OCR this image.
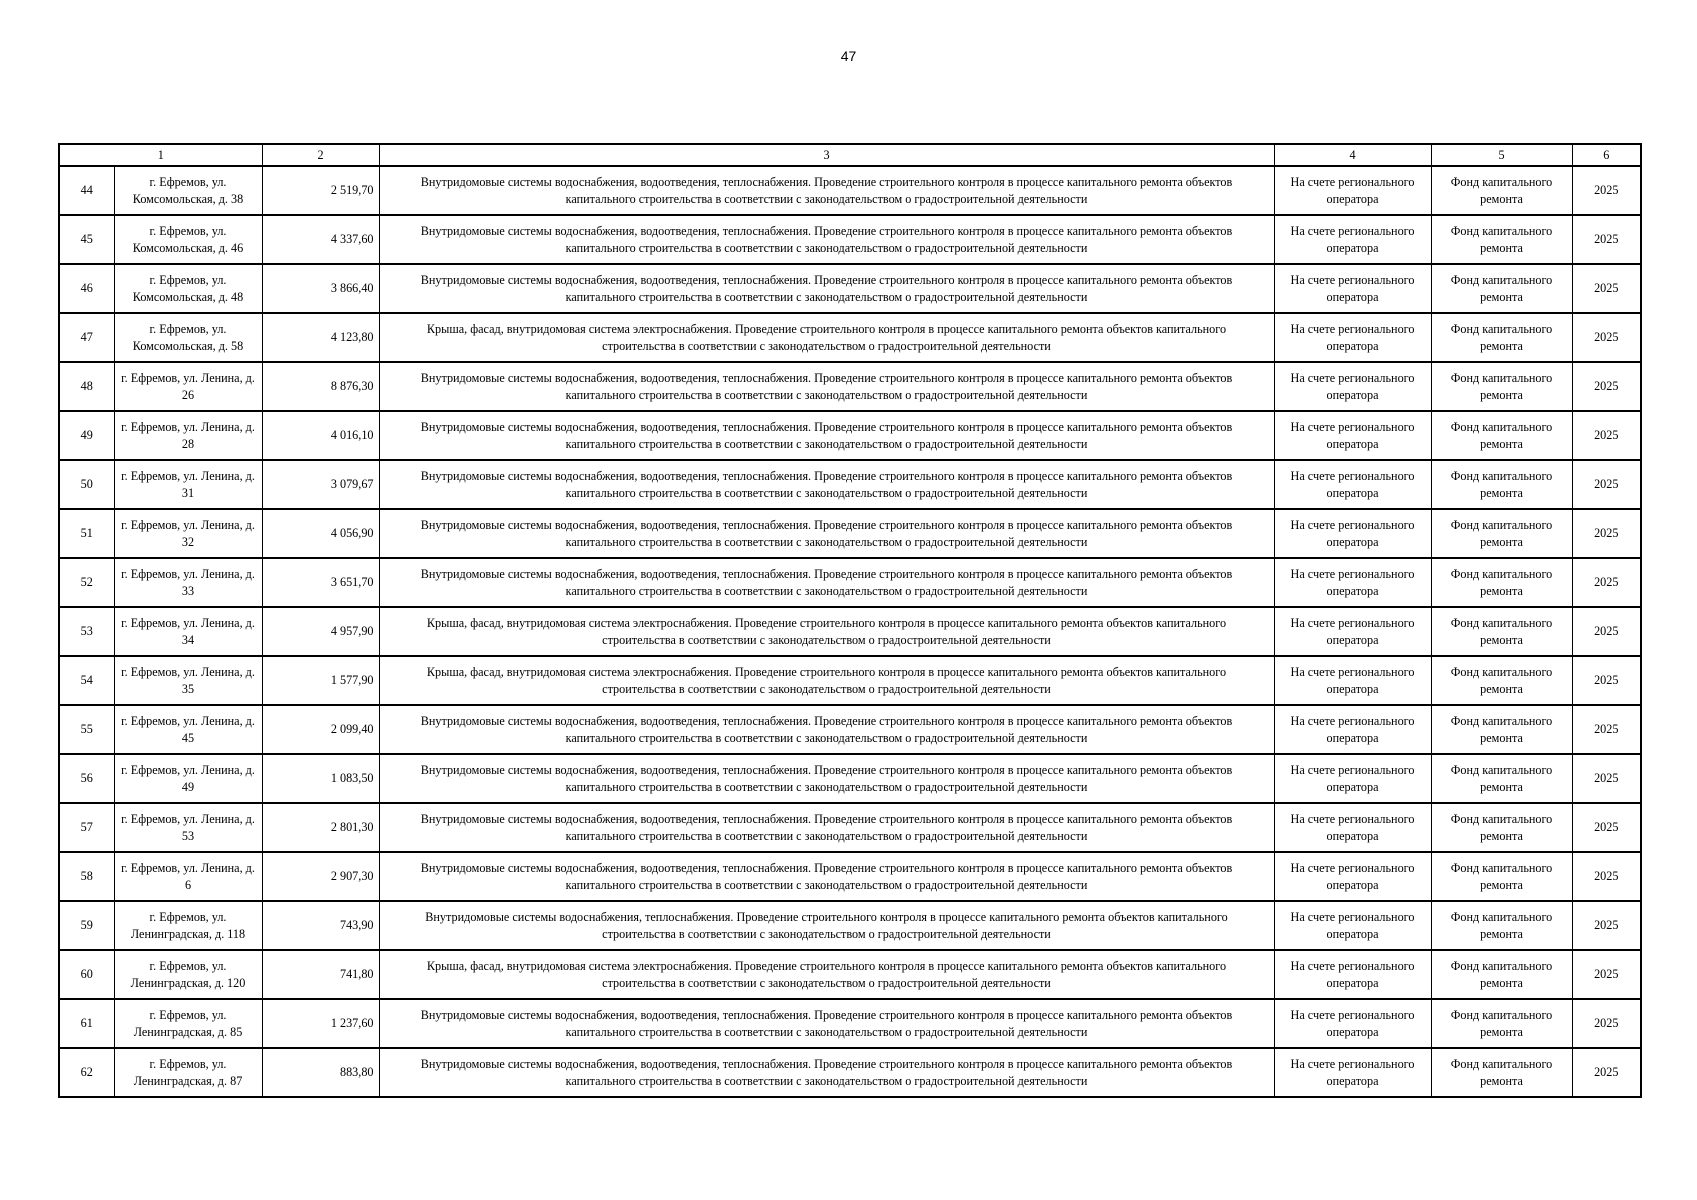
47
1		2	3	4	5	6
44	г. Ефремов, ул. Комсомольская, д. 38	2 519,70	Внутридомовые системы водоснабжения, водоотведения, теплоснабжения. Проведение строительного контроля в процессе капитального ремонта объектов капитального строительства в соответствии с законодательством о градостроительной деятельности	На счете регионального оператора	Фонд капитального ремонта	2025
45	г. Ефремов, ул. Комсомольская, д. 46	4 337,60	Внутридомовые системы водоснабжения, водоотведения, теплоснабжения. Проведение строительного контроля в процессе капитального ремонта объектов капитального строительства в соответствии с законодательством о градостроительной деятельности	На счете регионального оператора	Фонд капитального ремонта	2025
46	г. Ефремов, ул. Комсомольская, д. 48	3 866,40	Внутридомовые системы водоснабжения, водоотведения, теплоснабжения. Проведение строительного контроля в процессе капитального ремонта объектов капитального строительства в соответствии с законодательством о градостроительной деятельности	На счете регионального оператора	Фонд капитального ремонта	2025
47	г. Ефремов, ул. Комсомольская, д. 58	4 123,80	Крыша, фасад, внутридомовая система электроснабжения. Проведение строительного контроля в процессе капитального ремонта объектов капитального строительства в соответствии с законодательством о градостроительной деятельности	На счете регионального оператора	Фонд капитального ремонта	2025
48	г. Ефремов, ул. Ленина, д. 26	8 876,30	Внутридомовые системы водоснабжения, водоотведения, теплоснабжения. Проведение строительного контроля в процессе капитального ремонта объектов капитального строительства в соответствии с законодательством о градостроительной деятельности	На счете регионального оператора	Фонд капитального ремонта	2025
49	г. Ефремов, ул. Ленина, д. 28	4 016,10	Внутридомовые системы водоснабжения, водоотведения, теплоснабжения. Проведение строительного контроля в процессе капитального ремонта объектов капитального строительства в соответствии с законодательством о градостроительной деятельности	На счете регионального оператора	Фонд капитального ремонта	2025
50	г. Ефремов, ул. Ленина, д. 31	3 079,67	Внутридомовые системы водоснабжения, водоотведения, теплоснабжения. Проведение строительного контроля в процессе капитального ремонта объектов капитального строительства в соответствии с законодательством о градостроительной деятельности	На счете регионального оператора	Фонд капитального ремонта	2025
51	г. Ефремов, ул. Ленина, д. 32	4 056,90	Внутридомовые системы водоснабжения, водоотведения, теплоснабжения. Проведение строительного контроля в процессе капитального ремонта объектов капитального строительства в соответствии с законодательством о градостроительной деятельности	На счете регионального оператора	Фонд капитального ремонта	2025
52	г. Ефремов, ул. Ленина, д. 33	3 651,70	Внутридомовые системы водоснабжения, водоотведения, теплоснабжения. Проведение строительного контроля в процессе капитального ремонта объектов капитального строительства в соответствии с законодательством о градостроительной деятельности	На счете регионального оператора	Фонд капитального ремонта	2025
53	г. Ефремов, ул. Ленина, д. 34	4 957,90	Крыша, фасад, внутридомовая система электроснабжения. Проведение строительного контроля в процессе капитального ремонта объектов капитального строительства в соответствии с законодательством о градостроительной деятельности	На счете регионального оператора	Фонд капитального ремонта	2025
54	г. Ефремов, ул. Ленина, д. 35	1 577,90	Крыша, фасад, внутридомовая система электроснабжения. Проведение строительного контроля в процессе капитального ремонта объектов капитального строительства в соответствии с законодательством о градостроительной деятельности	На счете регионального оператора	Фонд капитального ремонта	2025
55	г. Ефремов, ул. Ленина, д. 45	2 099,40	Внутридомовые системы водоснабжения, водоотведения, теплоснабжения. Проведение строительного контроля в процессе капитального ремонта объектов капитального строительства в соответствии с законодательством о градостроительной деятельности	На счете регионального оператора	Фонд капитального ремонта	2025
56	г. Ефремов, ул. Ленина, д. 49	1 083,50	Внутридомовые системы водоснабжения, водоотведения, теплоснабжения. Проведение строительного контроля в процессе капитального ремонта объектов капитального строительства в соответствии с законодательством о градостроительной деятельности	На счете регионального оператора	Фонд капитального ремонта	2025
57	г. Ефремов, ул. Ленина, д. 53	2 801,30	Внутридомовые системы водоснабжения, водоотведения, теплоснабжения. Проведение строительного контроля в процессе капитального ремонта объектов капитального строительства в соответствии с законодательством о градостроительной деятельности	На счете регионального оператора	Фонд капитального ремонта	2025
58	г. Ефремов, ул. Ленина, д. 6	2 907,30	Внутридомовые системы водоснабжения, водоотведения, теплоснабжения. Проведение строительного контроля в процессе капитального ремонта объектов капитального строительства в соответствии с законодательством о градостроительной деятельности	На счете регионального оператора	Фонд капитального ремонта	2025
59	г. Ефремов, ул. Ленинградская, д. 118	743,90	Внутридомовые системы водоснабжения, теплоснабжения. Проведение строительного контроля в процессе капитального ремонта объектов капитального строительства в соответствии с законодательством о градостроительной деятельности	На счете регионального оператора	Фонд капитального ремонта	2025
60	г. Ефремов, ул. Ленинградская, д. 120	741,80	Крыша, фасад, внутридомовая система электроснабжения. Проведение строительного контроля в процессе капитального ремонта объектов капитального строительства в соответствии с законодательством о градостроительной деятельности	На счете регионального оператора	Фонд капитального ремонта	2025
61	г. Ефремов, ул. Ленинградская, д. 85	1 237,60	Внутридомовые системы водоснабжения, водоотведения, теплоснабжения. Проведение строительного контроля в процессе капитального ремонта объектов капитального строительства в соответствии с законодательством о градостроительной деятельности	На счете регионального оператора	Фонд капитального ремонта	2025
62	г. Ефремов, ул. Ленинградская, д. 87	883,80	Внутридомовые системы водоснабжения, водоотведения, теплоснабжения. Проведение строительного контроля в процессе капитального ремонта объектов капитального строительства в соответствии с законодательством о градостроительной деятельности	На счете регионального оператора	Фонд капитального ремонта	2025
